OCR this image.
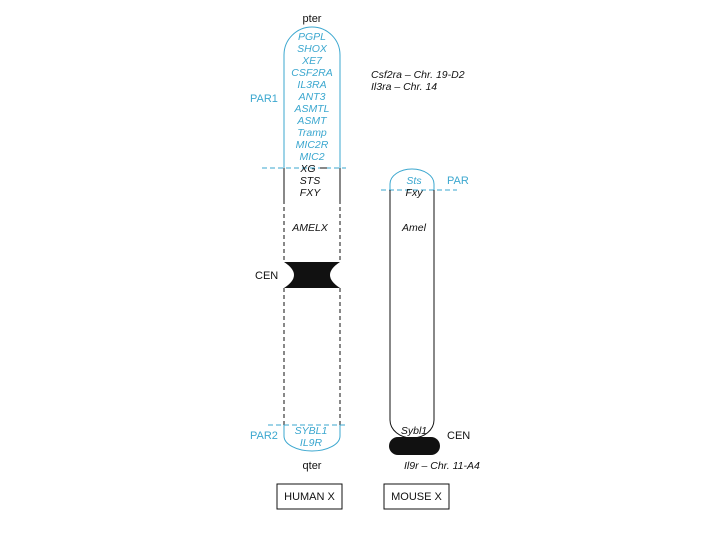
pter
qter
PAR1
CEN
PAR2
PGPL
SHOX
XE7
CSF2RA
IL3RA
ANT3
ASMTL
ASMT
Tramp
MIC2R
MIC2
XG
STS
FXY
AMELX
SYBL1
IL9R
HUMAN X
PAR
CEN
Sts
Fxy
Amel
Sybl1
MOUSE X
Csf2ra – Chr. 19-D2
Il3ra – Chr. 14
Il9r – Chr. 11-A4
